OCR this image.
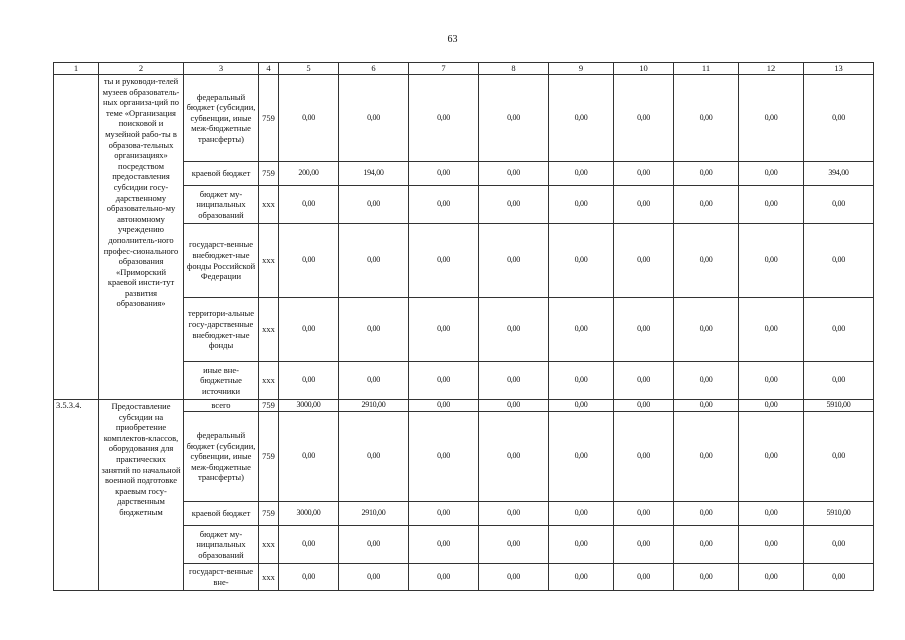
63
1	2	3	4	5	6	7	8	9	10	11	12	13
	ты и руководи-телей музеев образователь-ных организа-ций по теме «Организация поисковой и музейной рабо-ты в образова-тельных организациях» посредством предоставления субсидии госу-дарственному образовательно-му автономному учреждению дополнитель-ного профес-сионального образования «Приморский краевой инсти-тут развития образования»	федеральный бюджет (субсидии, субвенции, иные меж-бюджетные трансферты)	759	0,00	0,00	0,00	0,00	0,00	0,00	0,00	0,00	0,00
		краевой бюджет	759	200,00	194,00	0,00	0,00	0,00	0,00	0,00	0,00	394,00
		бюджет му-ниципальных образований	xxx	0,00	0,00	0,00	0,00	0,00	0,00	0,00	0,00	0,00
		государст-венные внебюджет-ные фонды Российской Федерации	xxx	0,00	0,00	0,00	0,00	0,00	0,00	0,00	0,00	0,00
		территори-альные госу-дарственные внебюджет-ные фонды	xxx	0,00	0,00	0,00	0,00	0,00	0,00	0,00	0,00	0,00
		иные вне-бюджетные источники	xxx	0,00	0,00	0,00	0,00	0,00	0,00	0,00	0,00	0,00
3.5.3.4.	Предоставление субсидии на приобретение комплектов-классов, оборудования для практических занятий по начальной военной подготовке краевым госу-дарственным бюджетным	всего	759	3000,00	2910,00	0,00	0,00	0,00	0,00	0,00	0,00	5910,00
		федеральный бюджет (субсидии, субвенции, иные меж-бюджетные трансферты)	759	0,00	0,00	0,00	0,00	0,00	0,00	0,00	0,00	0,00
		краевой бюджет	759	3000,00	2910,00	0,00	0,00	0,00	0,00	0,00	0,00	5910,00
		бюджет му-ниципальных образований	xxx	0,00	0,00	0,00	0,00	0,00	0,00	0,00	0,00	0,00
		государст-венные вне-	xxx	0,00	0,00	0,00	0,00	0,00	0,00	0,00	0,00	0,00
